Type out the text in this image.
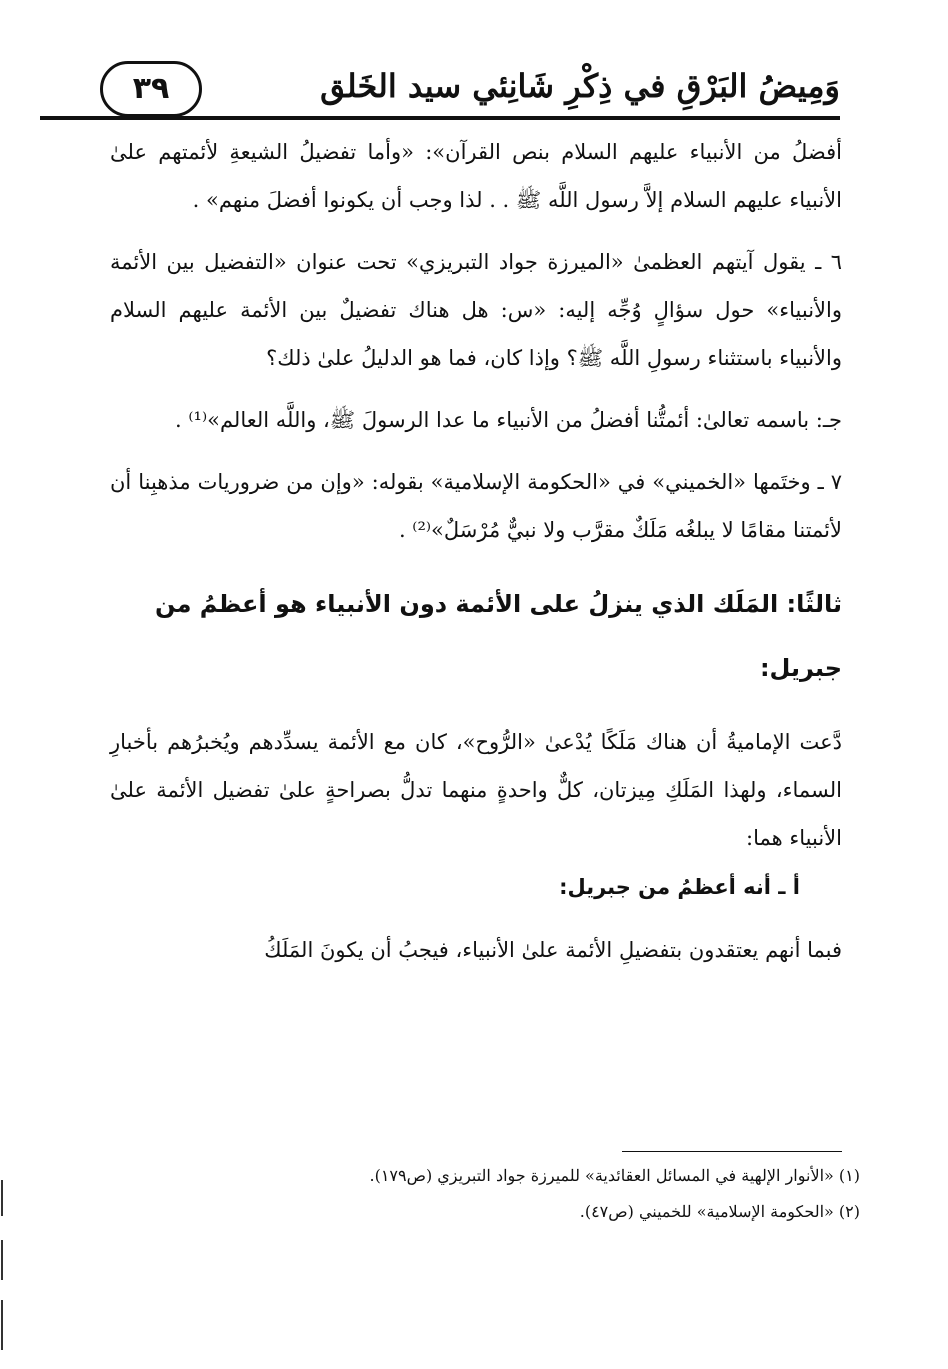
وَمِيضُ البَرْقِ في ذِكْرِ شَانِئي سيد الخَلق
٣٩

أفضلُ من الأنبياء عليهم السلام بنص القرآن»: «وأما تفضيلُ الشيعةِ لأئمتهم علىٰ الأنبياء عليهم السلام إلاَّ رسول اللَّه ﷺ . . لذا وجب أن يكونوا أفضلَ منهم» .

٦ ـ يقول آيتهم العظمىٰ «الميرزة جواد التبريزي» تحت عنوان «التفضيل بين الأئمة والأنبياء» حول سؤالٍ وُجِّه إليه: «س: هل هناك تفضيلٌ بين الأئمة عليهم السلام والأنبياء باستثناء رسولِ اللَّه ﷺ؟ وإذا كان، فما هو الدليلُ علىٰ ذلك؟

جـ: باسمه تعالىٰ: أئمتُّنا أفضلُ من الأنبياء ما عدا الرسولَ ﷺ، واللَّه العالم»⁽¹⁾ .

٧ ـ وختَمها «الخميني» في «الحكومة الإسلامية» بقوله: «وإن من ضروريات مذهبِنا أن لأئمتنا مقامًا لا يبلغُه مَلَكٌ مقرَّب ولا نبيٌّ مُرْسَلٌ»⁽²⁾ .

ثالثًا: المَلَك الذي ينزلُ على الأئمة دون الأنبياء هو أعظمُ من جبريل:

دَّعت الإماميةُ أن هناك مَلَكًا يُدْعىٰ «الرُّوح»، كان مع الأئمة يسدِّدهم ويُخبرُهم بأخبارِ السماء، ولهذا المَلَكِ مِيزتان، كلٌّ واحدةٍ منهما تدلُّ بصراحةٍ علىٰ تفضيل الأئمة علىٰ الأنبياء هما:

أ ـ أنه أعظمُ من جبريل:

فبما أنهم يعتقدون بتفضيلِ الأئمة علىٰ الأنبياء، فيجبُ أن يكونَ المَلَكُ

(١) «الأنوار الإلهية في المسائل العقائدية» للميرزة جواد التبريزي (ص١٧٩).

(٢) «الحكومة الإسلامية» للخميني (ص٤٧).
